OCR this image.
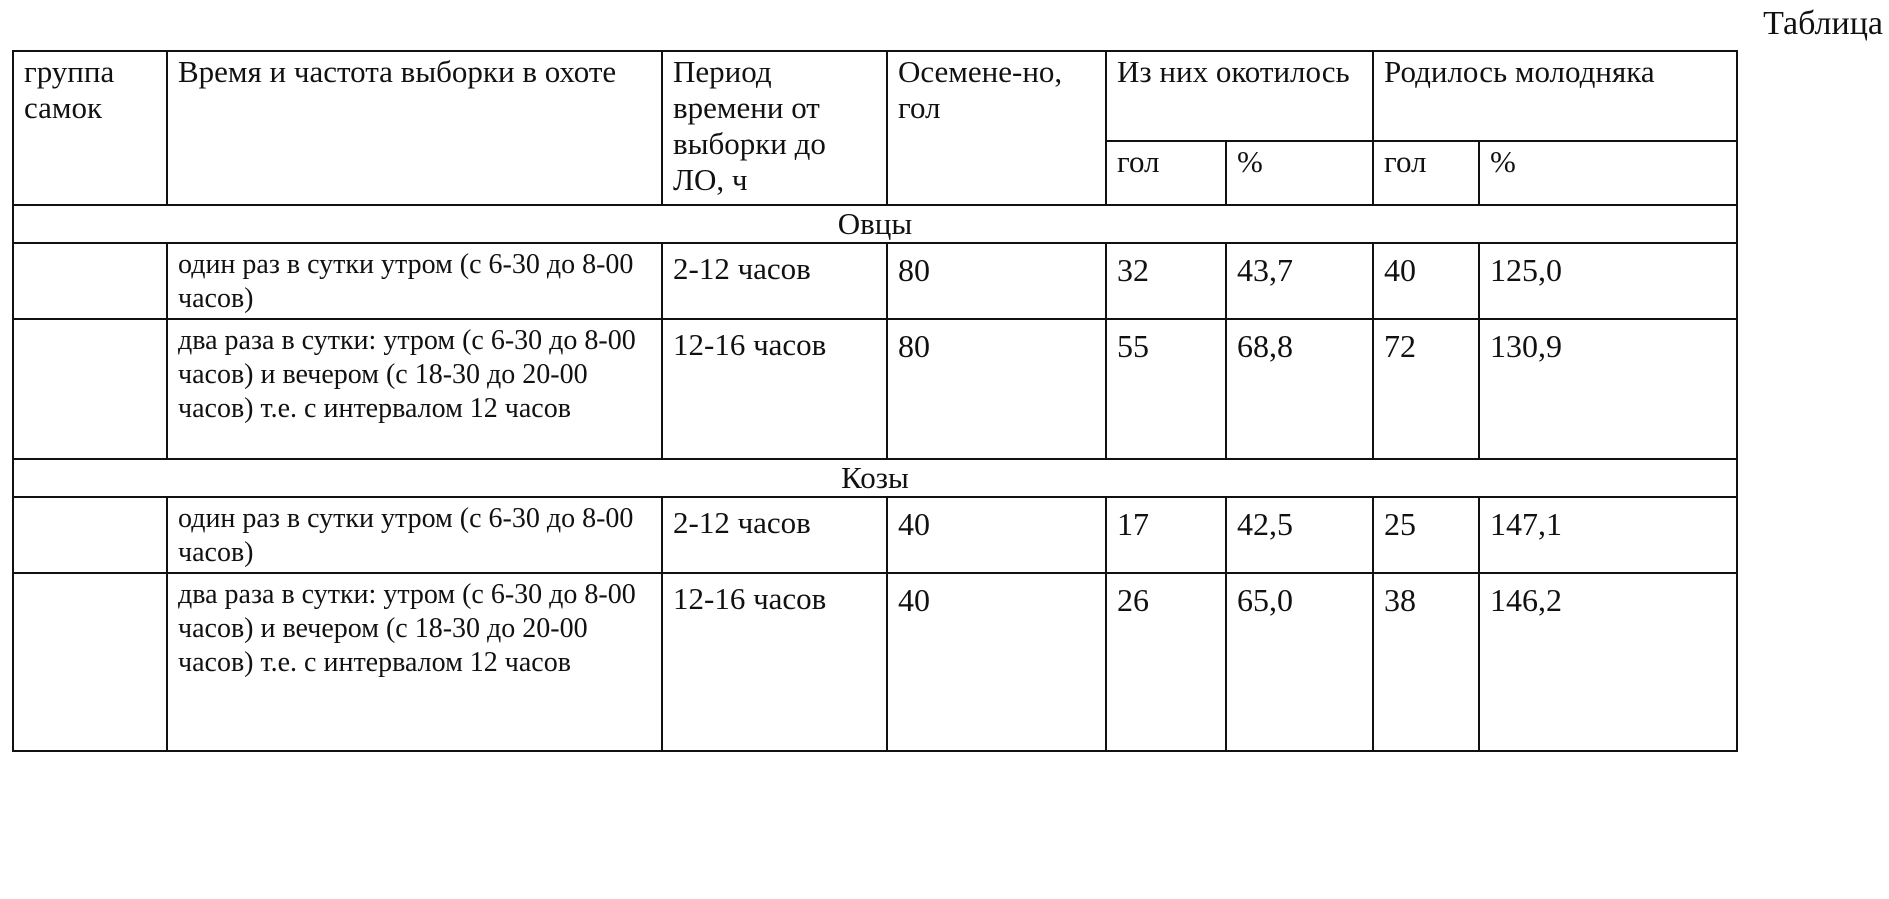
Таблица
группа самок	Время и частота выборки в охоте	Период времени от выборки до ЛО, ч	Осемене-но, гол	Из них окотилось		Родилось молодняка	
				гол	%	гол	%
Овцы							
	один раз в сутки утром (с 6-30 до 8-00 часов)	2-12 часов	80	32	43,7	40	125,0
	два раза в сутки: утром (с 6-30 до 8-00 часов) и вечером (с 18-30 до 20-00 часов) т.е. с интервалом 12 часов	12-16 часов	80	55	68,8	72	130,9
Козы							
	один раз в сутки утром (с 6-30 до 8-00 часов)	2-12 часов	40	17	42,5	25	147,1
	два раза в сутки: утром (с 6-30 до 8-00 часов) и вечером (с 18-30 до 20-00 часов) т.е. с интервалом 12 часов	12-16 часов	40	26	65,0	38	146,2
